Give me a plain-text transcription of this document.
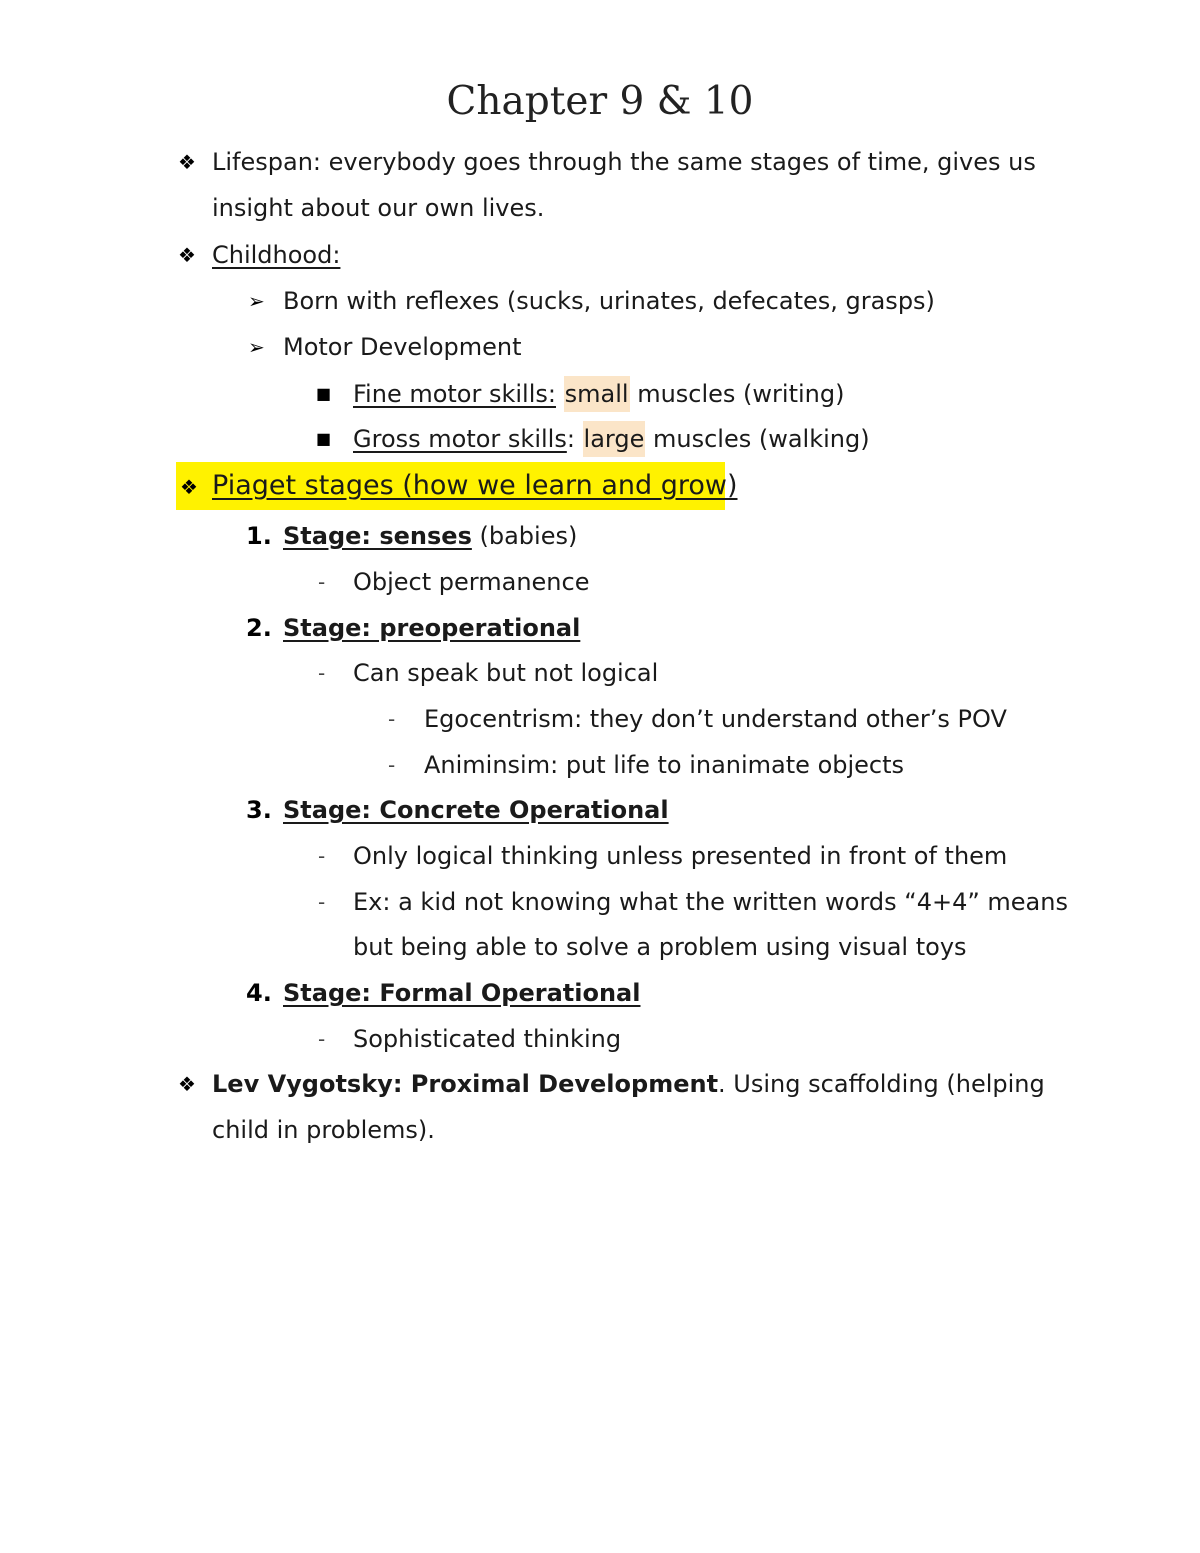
Chapter 9 & 10
❖ Lifespan: everybody goes through the same stages of time, gives us
insight about our own lives.
❖ Childhood:
➢ Born with reflexes (sucks, urinates, defecates, grasps)
➢ Motor Development
■ Fine motor skills: small muscles (writing)
■ Gross motor skills: large muscles (walking)
❖ Piaget stages (how we learn and grow)
1. Stage: senses (babies)
- Object permanence
2. Stage: preoperational
- Can speak but not logical
- Egocentrism: they don’t understand other’s POV
- Animinsim: put life to inanimate objects
3. Stage: Concrete Operational
- Only logical thinking unless presented in front of them
- Ex: a kid not knowing what the written words “4+4” means
but being able to solve a problem using visual toys
4. Stage: Formal Operational
- Sophisticated thinking
❖ Lev Vygotsky: Proximal Development. Using scaffolding (helping
child in problems).
